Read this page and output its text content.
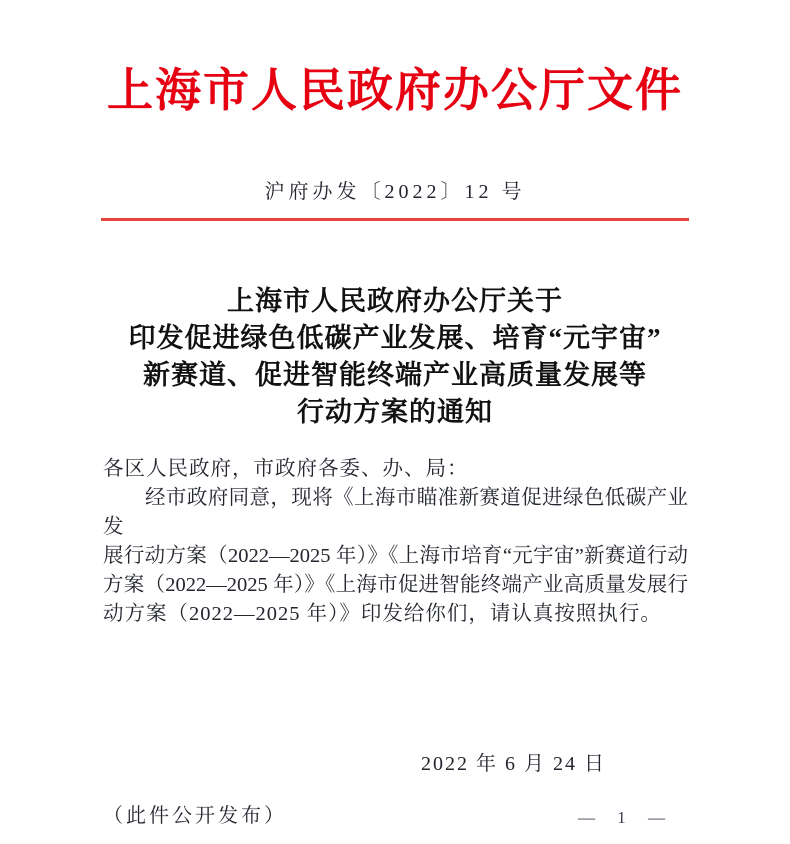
上海市人民政府办公厅文件
沪府办发〔2022〕12 号
上海市人民政府办公厅关于
印发促进绿色低碳产业发展、培育“元宇宙”
新赛道、促进智能终端产业高质量发展等
行动方案的通知
各区人民政府，市政府各委、办、局：
经市政府同意，现将《上海市瞄准新赛道促进绿色低碳产业发
展行动方案（2022—2025 年）》《上海市培育“元宇宙”新赛道行动
方案（2022—2025 年）》《上海市促进智能终端产业高质量发展行
动方案（2022—2025 年）》印发给你们，请认真按照执行。
2022 年 6 月 24 日
（此件公开发布）	— 1 —
